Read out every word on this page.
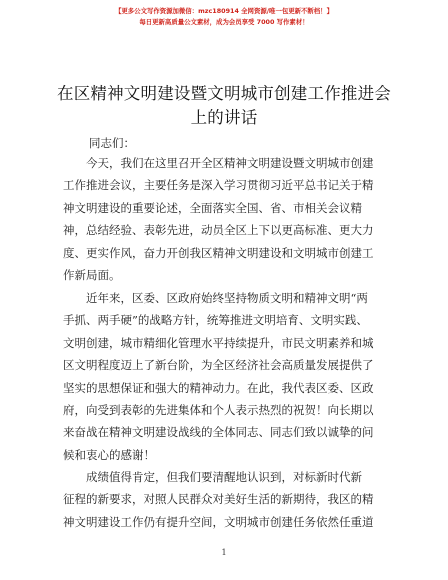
【更多公文写作资源加微信：mzc180914 全网资源/唯一包更新不断档！】
每日更新高质量公文素材，成为会员享受 7000 写作素材！
在区精神文明建设暨文明城市创建工作推进会
上的讲话
同志们：
今天，我们在这里召开全区精神文明建设暨文明城市创建
工作推进会议，主要任务是深入学习贯彻习近平总书记关于精
神文明建设的重要论述，全面落实全国、省、市相关会议精
神，总结经验、表彰先进，动员全区上下以更高标准、更大力
度、更实作风，奋力开创我区精神文明建设和文明城市创建工
作新局面。
近年来，区委、区政府始终坚持物质文明和精神文明“两
手抓、两手硬”的战略方针，统筹推进文明培育、文明实践、
文明创建，城市精细化管理水平持续提升，市民文明素养和城
区文明程度迈上了新台阶，为全区经济社会高质量发展提供了
坚实的思想保证和强大的精神动力。在此，我代表区委、区政
府，向受到表彰的先进集体和个人表示热烈的祝贺！向长期以
来奋战在精神文明建设战线的全体同志、同志们致以诚挚的问
候和衷心的感谢！
成绩值得肯定，但我们要清醒地认识到，对标新时代新
征程的新要求，对照人民群众对美好生活的新期待，我区的精
神文明建设工作仍有提升空间，文明城市创建任务依然任重道
1
